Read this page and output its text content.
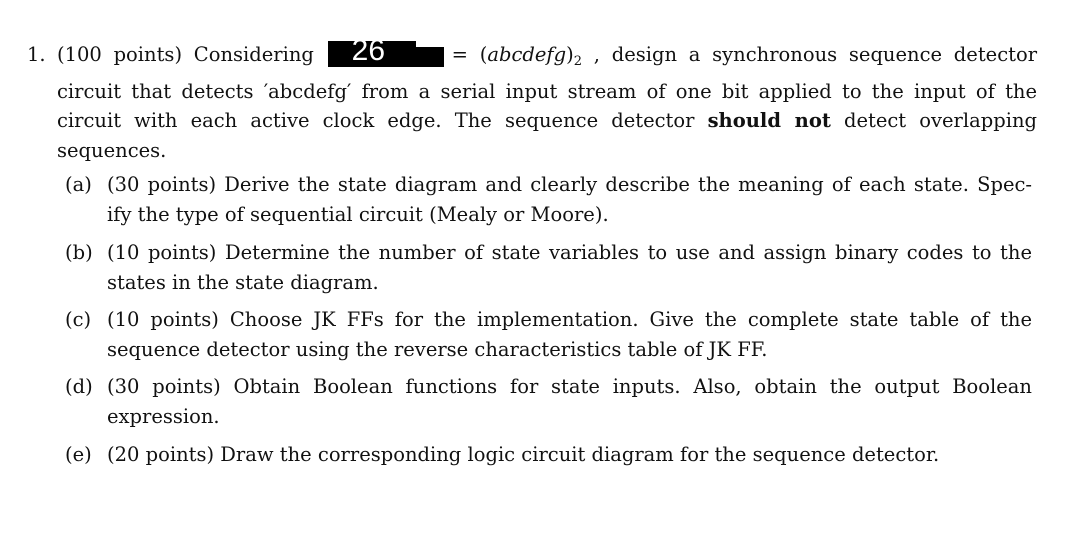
1. (100 points) Considering 26	= $(abcdefg)_2$ , design a synchronous sequence detector
circuit that detects ′abcdefg′ from a serial input stream of one bit applied to the input of the
circuit with each active clock edge. The sequence detector should not detect overlapping
sequences.
(a) (30 points) Derive the state diagram and clearly describe the meaning of each state. Spec-
ify the type of sequential circuit (Mealy or Moore).
(b) (10 points) Determine the number of state variables to use and assign binary codes to the
states in the state diagram.
(c) (10 points) Choose JK FFs for the implementation. Give the complete state table of the
sequence detector using the reverse characteristics table of JK FF.
(d) (30 points) Obtain Boolean functions for state inputs. Also, obtain the output Boolean
expression.
(e) (20 points) Draw the corresponding logic circuit diagram for the sequence detector.
